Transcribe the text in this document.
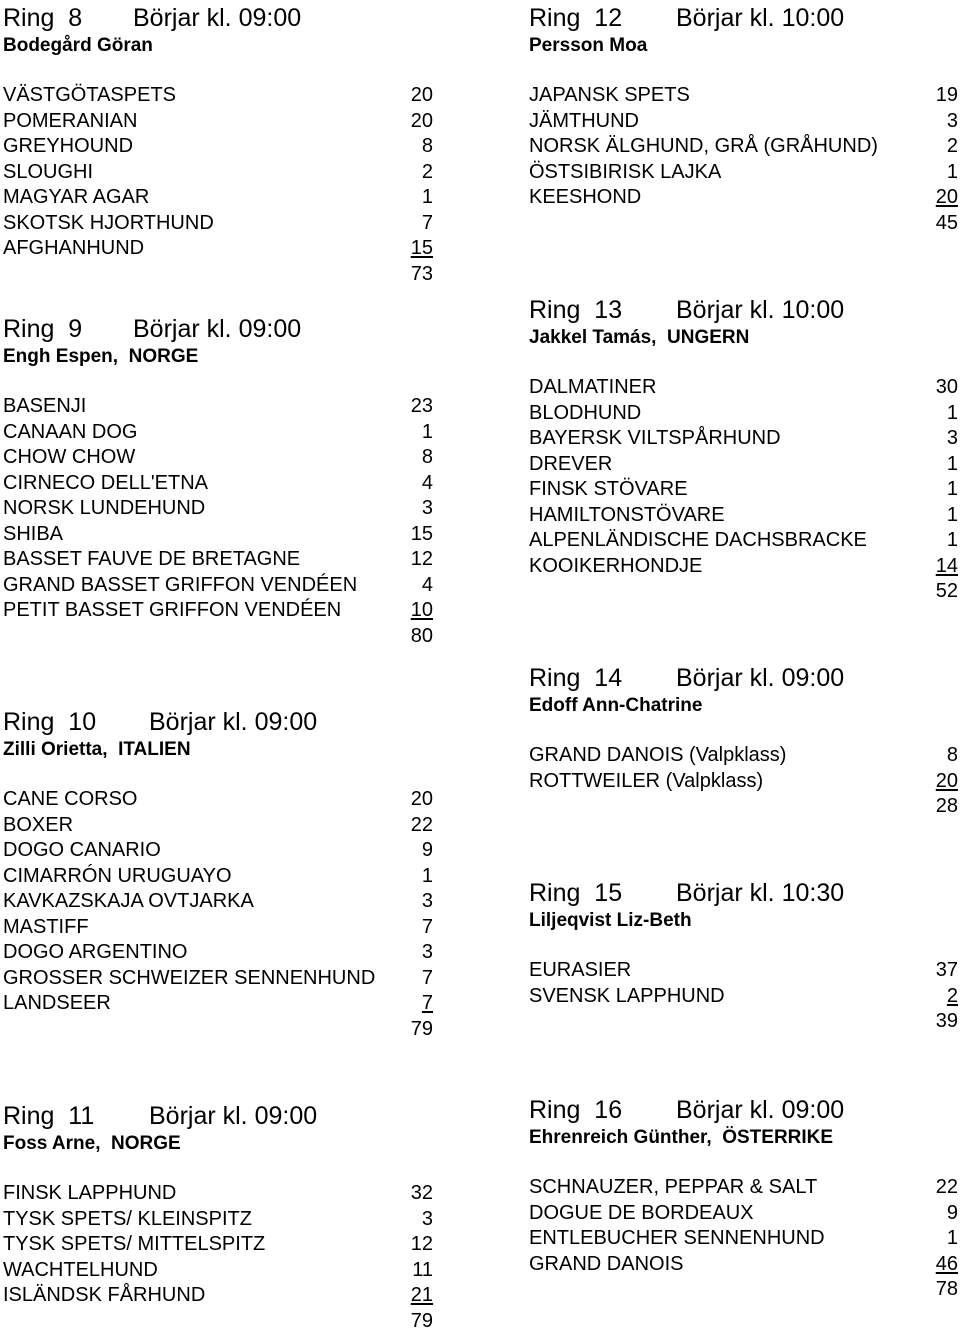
Ring  8 Börjar kl. 09:00
Bodegård Göran
VÄSTGÖTASPETS	20
POMERANIAN	20
GREYHOUND	8
SLOUGHI	2
MAGYAR AGAR	1
SKOTSK HJORTHUND	7
AFGHANHUND	15
73
Ring  9 Börjar kl. 09:00
Engh Espen,  NORGE
BASENJI	23
CANAAN DOG	1
CHOW CHOW	8
CIRNECO DELL'ETNA	4
NORSK LUNDEHUND	3
SHIBA	15
BASSET FAUVE DE BRETAGNE	12
GRAND BASSET GRIFFON VENDÉEN	4
PETIT BASSET GRIFFON VENDÉEN	10
80
Ring  10 Börjar kl. 09:00
Zilli Orietta,  ITALIEN
CANE CORSO	20
BOXER	22
DOGO CANARIO	9
CIMARRÓN URUGUAYO	1
KAVKAZSKAJA OVTJARKA	3
MASTIFF	7
DOGO ARGENTINO	3
GROSSER SCHWEIZER SENNENHUND 7
LANDSEER	7
79
Ring  11 Börjar kl. 09:00
Foss Arne,  NORGE
FINSK LAPPHUND	32
TYSK SPETS/ KLEINSPITZ	3
TYSK SPETS/ MITTELSPITZ	12
WACHTELHUND	11
ISLÄNDSK FÅRHUND	21
79
Ring  12 Börjar kl. 10:00
Persson Moa
JAPANSK SPETS	19
JÄMTHUND	3
NORSK ÄLGHUND, GRÅ (GRÅHUND)	2
ÖSTSIBIRISK LAJKA	1
KEESHOND	20
45
Ring  13 Börjar kl. 10:00
Jakkel Tamás,  UNGERN
DALMATINER	30
BLODHUND	1
BAYERSK VILTSPÅRHUND	3
DREVER	1
FINSK STÖVARE	1
HAMILTONSTÖVARE	1
ALPENLÄNDISCHE DACHSBRACKE	1
KOOIKERHONDJE	14
52
Ring  14 Börjar kl. 09:00
Edoff Ann-Chatrine
GRAND DANOIS (Valpklass)	8
ROTTWEILER (Valpklass)	20
28
Ring  15 Börjar kl. 10:30
Liljeqvist Liz-Beth
EURASIER	37
SVENSK LAPPHUND	2
39
Ring  16 Börjar kl. 09:00
Ehrenreich Günther,  ÖSTERRIKE
SCHNAUZER, PEPPAR & SALT	22
DOGUE DE BORDEAUX	9
ENTLEBUCHER SENNENHUND	1
GRAND DANOIS	46
78
